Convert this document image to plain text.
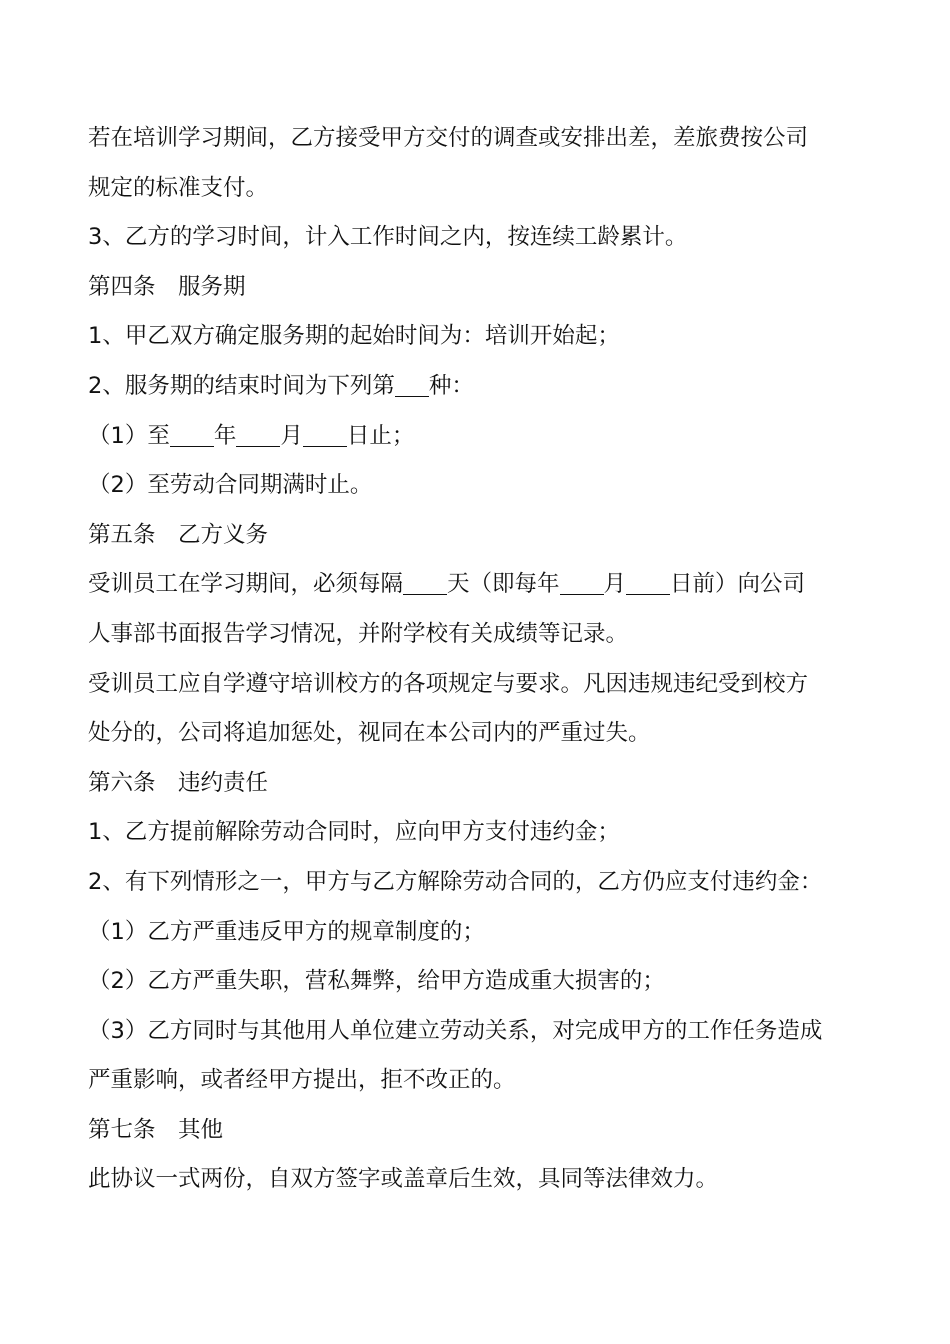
若在培训学习期间，乙方接受甲方交付的调查或安排出差，差旅费按公司
规定的标准支付。
3、乙方的学习时间，计入工作时间之内，按连续工龄累计。
第四条　服务期
1、甲乙双方确定服务期的起始时间为：培训开始起；
2、服务期的结束时间为下列第 种：
（1）至 年 月 日止；
（2）至劳动合同期满时止。
第五条　乙方义务
受训员工在学习期间，必须每隔 天（即每年 月 日前）向公司
人事部书面报告学习情况，并附学校有关成绩等记录。
受训员工应自学遵守培训校方的各项规定与要求。凡因违规违纪受到校方
处分的，公司将追加惩处，视同在本公司内的严重过失。
第六条　违约责任
1、乙方提前解除劳动合同时，应向甲方支付违约金；
2、有下列情形之一，甲方与乙方解除劳动合同的，乙方仍应支付违约金：
（1）乙方严重违反甲方的规章制度的；
（2）乙方严重失职，营私舞弊，给甲方造成重大损害的；
（3）乙方同时与其他用人单位建立劳动关系，对完成甲方的工作任务造成
严重影响，或者经甲方提出，拒不改正的。
第七条　其他
此协议一式两份，自双方签字或盖章后生效，具同等法律效力。
